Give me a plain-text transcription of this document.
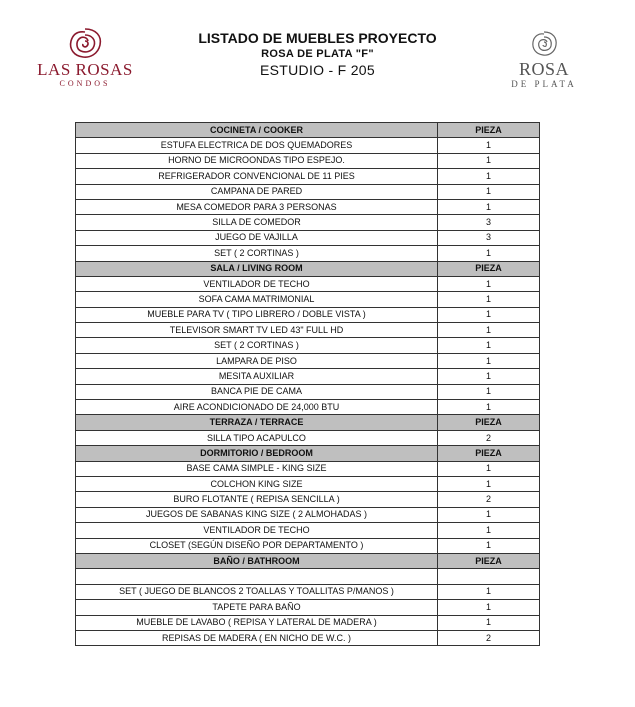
LAS ROSAS
CONDOS
LISTADO DE MUEBLES PROYECTO
ROSA DE PLATA "F"
ESTUDIO - F 205	ROSA
DE PLATA
COCINETA / COOKER	PIEZA
ESTUFA ELECTRICA DE DOS QUEMADORES	1
HORNO DE MICROONDAS TIPO ESPEJO.	1
REFRIGERADOR CONVENCIONAL DE 11 PIES	1
CAMPANA DE PARED	1
MESA COMEDOR PARA 3 PERSONAS	1
SILLA DE COMEDOR	3
JUEGO DE VAJILLA	3
SET ( 2 CORTINAS )	1
SALA / LIVING ROOM	PIEZA
VENTILADOR DE TECHO	1
SOFA CAMA MATRIMONIAL	1
MUEBLE PARA TV ( TIPO LIBRERO / DOBLE VISTA )	1
TELEVISOR SMART TV LED 43" FULL HD	1
SET ( 2 CORTINAS )	1
LAMPARA DE PISO	1
MESITA AUXILIAR	1
BANCA PIE DE CAMA	1
AIRE ACONDICIONADO DE 24,000 BTU	1
TERRAZA / TERRACE	PIEZA
SILLA TIPO ACAPULCO	2
DORMITORIO / BEDROOM	PIEZA
BASE CAMA SIMPLE - KING SIZE	1
COLCHON KING SIZE	1
BURO FLOTANTE ( REPISA SENCILLA )	2
JUEGOS DE SABANAS KING SIZE ( 2 ALMOHADAS )	1
VENTILADOR DE TECHO	1
CLOSET (SEGÚN DISEÑO POR DEPARTAMENTO )	1
BAÑO / BATHROOM	PIEZA

SET ( JUEGO DE BLANCOS 2 TOALLAS Y TOALLITAS P/MANOS )	1
TAPETE PARA BAÑO	1
MUEBLE DE LAVABO ( REPISA Y LATERAL DE MADERA )	1
REPISAS DE MADERA ( EN NICHO DE W.C. )	2
